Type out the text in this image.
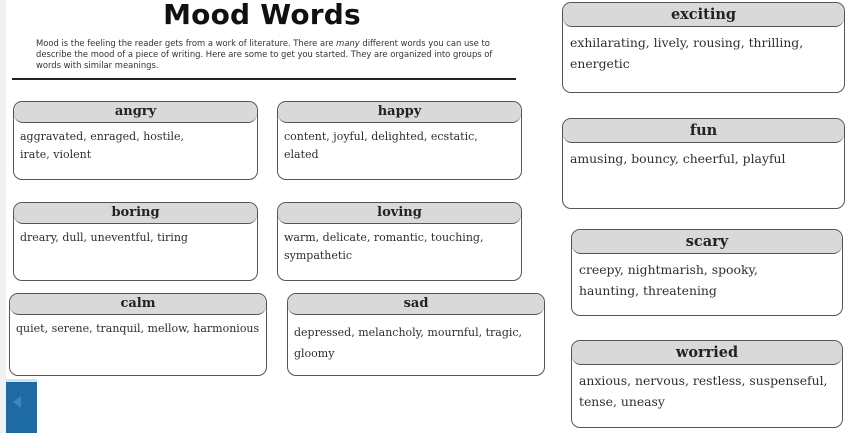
Mood Words
Mood is the feeling the reader gets from a work of literature. There are many different words you can use to describe the mood of a piece of writing. Here are some to get you started. They are organized into groups of words with similar meanings.
angry
aggravated, enraged, hostile, irate, violent
happy
content, joyful, delighted, ecstatic, elated
boring
dreary, dull, uneventful, tiring
loving
warm, delicate, romantic, touching, sympathetic
calm
quiet, serene, tranquil, mellow, harmonious
sad
depressed, melancholy, mournful, tragic, gloomy
exciting
exhilarating, lively, rousing, thrilling, energetic
fun
amusing, bouncy, cheerful, playful
scary
creepy, nightmarish, spooky, haunting, threatening
worried
anxious, nervous, restless, suspenseful, tense, uneasy
